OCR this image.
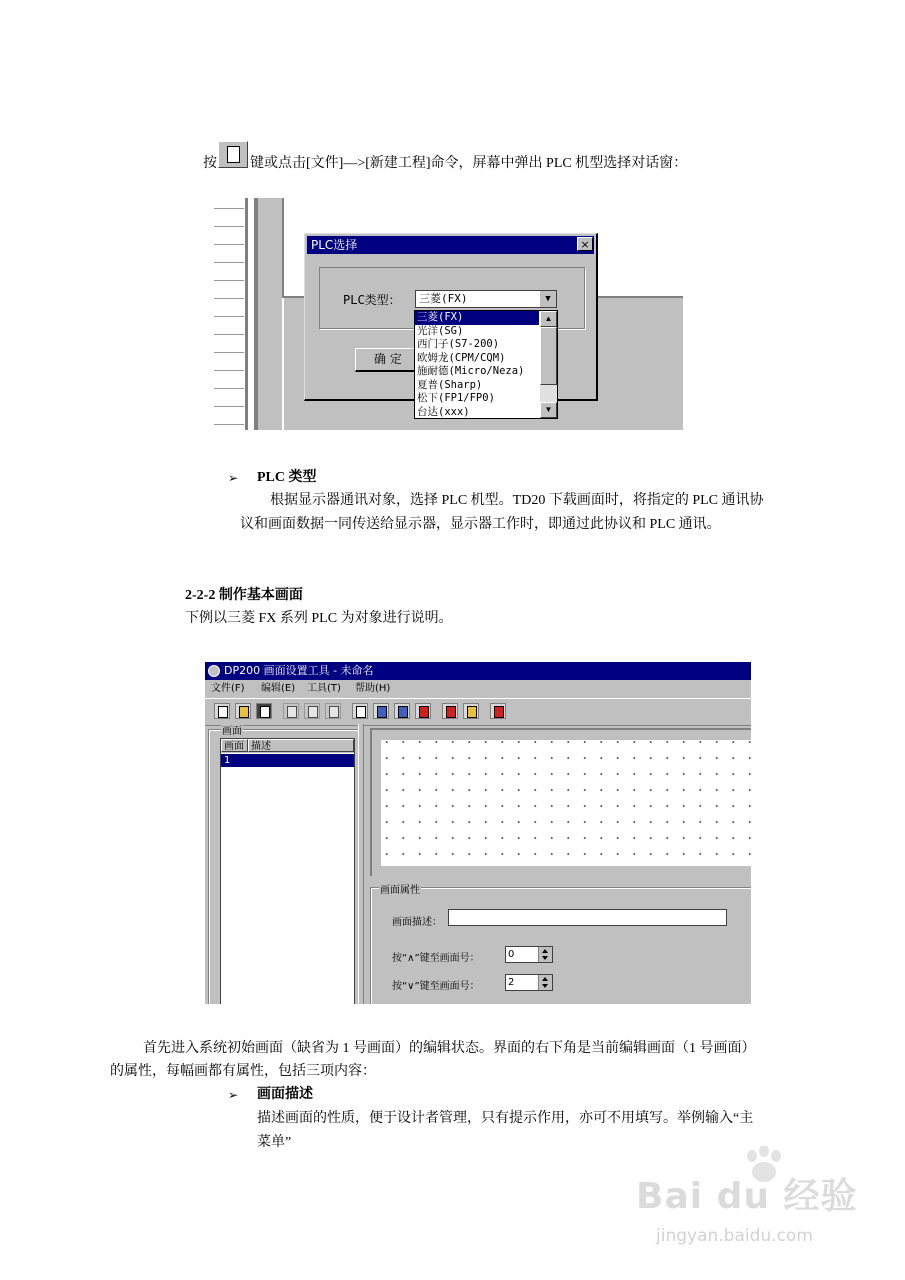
按 键或点击[文件]—>[新建工程]命令，屏幕中弹出 PLC 机型选择对话窗：
PLC选择	×
PLC类型：	三菱(FX)	▼
确 定
三菱(FX)
光洋(SG)
西门子(S7-200)
欧姆龙(CPM/CQM)
施耐德(Micro/Neza)
夏普(Sharp)
松下(FP1/FP0)
台达(xxx)
▲
▼
➢ PLC 类型
根据显示器通讯对象，选择 PLC 机型。TD20 下载画面时，将指定的 PLC 通讯协
议和画面数据一同传送给显示器，显示器工作时，即通过此协议和 PLC 通讯。
2-2-2 制作基本画面
下例以三菱 FX 系列 PLC 为对象进行说明。
DP200 画面设置工具 - 未命名
文件(F) 编辑(E) 工具(T) 帮助(H)
画面
画面 描述
1
画面属性
画面描述：
按“∧”键至画面号：	0
按“∨”键至画面号：	2
首先进入系统初始画面（缺省为 1 号画面）的编辑状态。界面的右下角是当前编辑画面（1 号画面）
的属性，每幅画都有属性，包括三项内容：
➢ 画面描述
描述画面的性质，便于设计者管理，只有提示作用，亦可不用填写。举例输入“主
菜单”
Bai du 经验
jingyan.baidu.com
